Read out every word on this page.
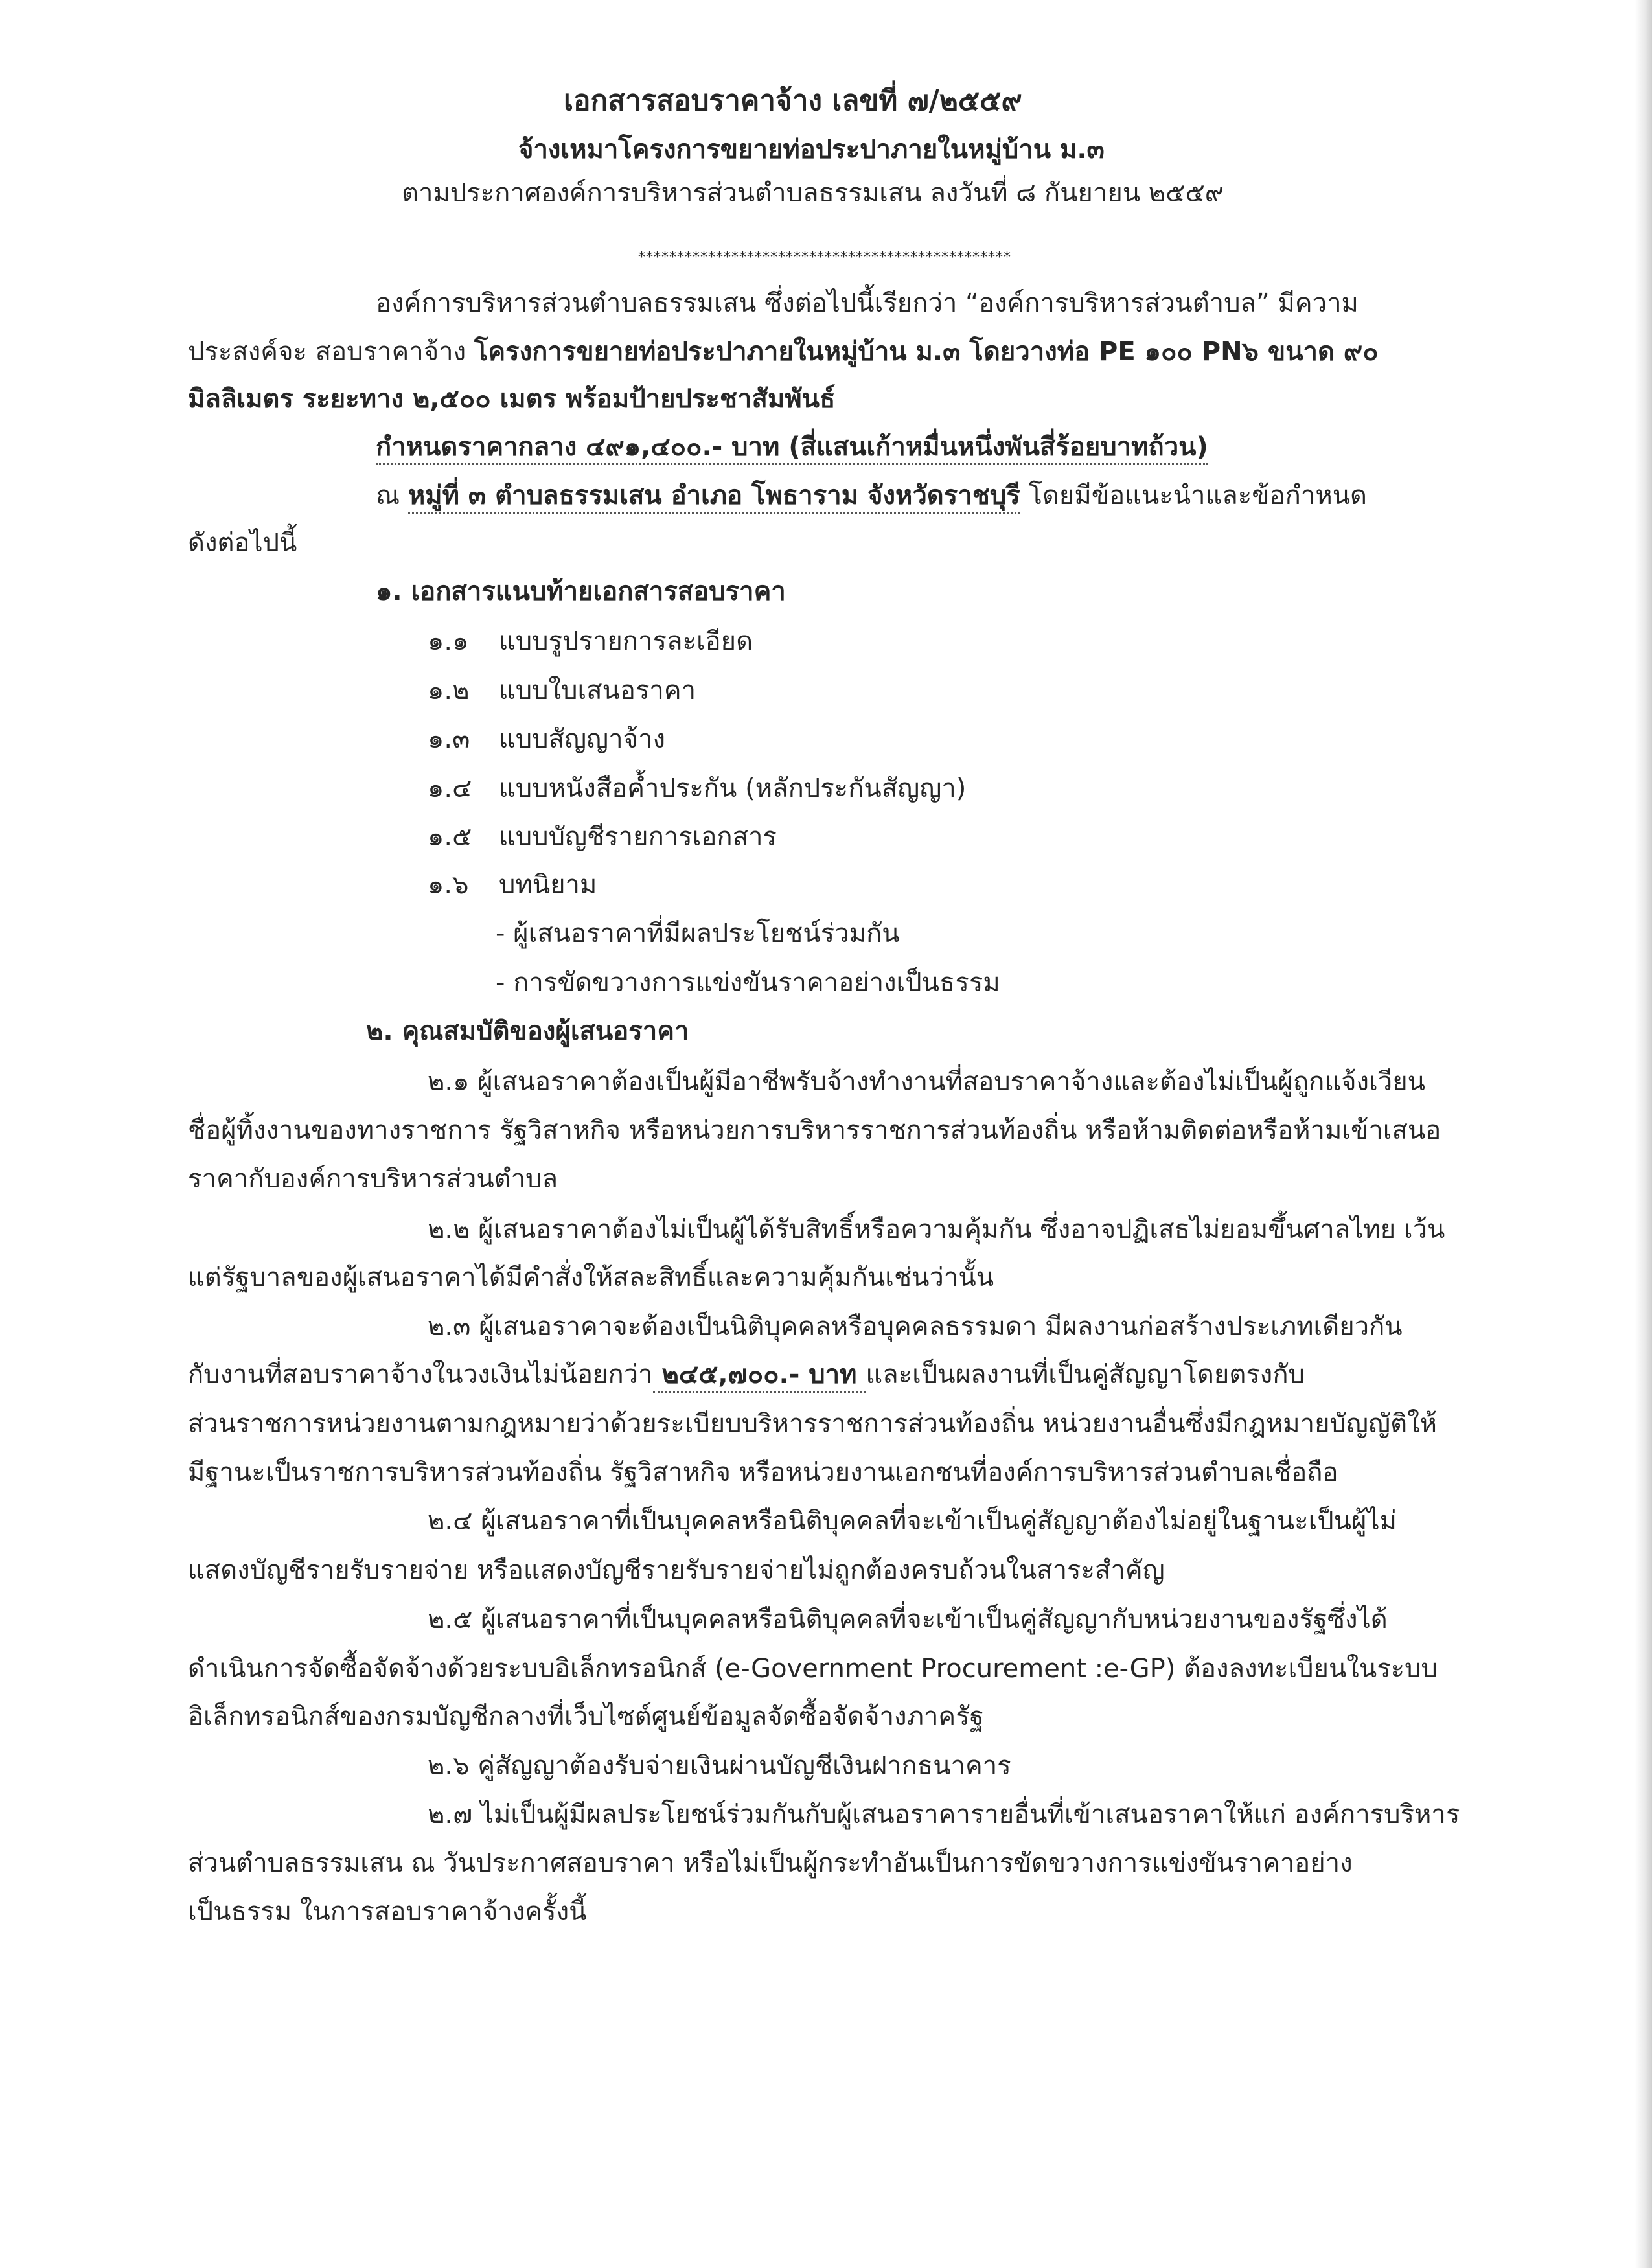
เอกสารสอบราคาจ้าง เลขที่ ๗/๒๕๕๙
จ้างเหมาโครงการขยายท่อประปาภายในหมู่บ้าน ม.๓
ตามประกาศองค์การบริหารส่วนตำบลธรรมเสน ลงวันที่ ๘ กันยายน ๒๕๕๙
************************************************
องค์การบริหารส่วนตำบลธรรมเสน ซึ่งต่อไปนี้เรียกว่า “องค์การบริหารส่วนตำบล” มีความ
ประสงค์จะ สอบราคาจ้าง โครงการขยายท่อประปาภายในหมู่บ้าน ม.๓ โดยวางท่อ PE ๑๐๐ PN๖ ขนาด ๙๐
มิลลิเมตร ระยะทาง ๒,๕๐๐ เมตร พร้อมป้ายประชาสัมพันธ์
กำหนดราคากลาง ๔๙๑,๔๐๐.- บาท (สี่แสนเก้าหมื่นหนึ่งพันสี่ร้อยบาทถ้วน)
ณ หมู่ที่ ๓ ตำบลธรรมเสน อำเภอ โพธาราม จังหวัดราชบุรี โดยมีข้อแนะนำและข้อกำหนด
ดังต่อไปนี้
๑. เอกสารแนบท้ายเอกสารสอบราคา
๑.๑ แบบรูปรายการละเอียด
๑.๒ แบบใบเสนอราคา
๑.๓ แบบสัญญาจ้าง
๑.๔ แบบหนังสือค้ำประกัน (หลักประกันสัญญา)
๑.๕ แบบบัญชีรายการเอกสาร
๑.๖ บทนิยาม
- ผู้เสนอราคาที่มีผลประโยชน์ร่วมกัน
- การขัดขวางการแข่งขันราคาอย่างเป็นธรรม
๒. คุณสมบัติของผู้เสนอราคา
๒.๑ ผู้เสนอราคาต้องเป็นผู้มีอาชีพรับจ้างทำงานที่สอบราคาจ้างและต้องไม่เป็นผู้ถูกแจ้งเวียน
ชื่อผู้ทิ้งงานของทางราชการ รัฐวิสาหกิจ หรือหน่วยการบริหารราชการส่วนท้องถิ่น หรือห้ามติดต่อหรือห้ามเข้าเสนอ
ราคากับองค์การบริหารส่วนตำบล
๒.๒ ผู้เสนอราคาต้องไม่เป็นผู้ได้รับสิทธิ์หรือความคุ้มกัน ซึ่งอาจปฏิเสธไม่ยอมขึ้นศาลไทย เว้น
แต่รัฐบาลของผู้เสนอราคาได้มีคำสั่งให้สละสิทธิ์และความคุ้มกันเช่นว่านั้น
๒.๓ ผู้เสนอราคาจะต้องเป็นนิติบุคคลหรือบุคคลธรรมดา มีผลงานก่อสร้างประเภทเดียวกัน
กับงานที่สอบราคาจ้างในวงเงินไม่น้อยกว่า ๒๔๕,๗๐๐.- บาท และเป็นผลงานที่เป็นคู่สัญญาโดยตรงกับ
ส่วนราชการหน่วยงานตามกฎหมายว่าด้วยระเบียบบริหารราชการส่วนท้องถิ่น หน่วยงานอื่นซึ่งมีกฎหมายบัญญัติให้
มีฐานะเป็นราชการบริหารส่วนท้องถิ่น รัฐวิสาหกิจ หรือหน่วยงานเอกชนที่องค์การบริหารส่วนตำบลเชื่อถือ
๒.๔ ผู้เสนอราคาที่เป็นบุคคลหรือนิติบุคคลที่จะเข้าเป็นคู่สัญญาต้องไม่อยู่ในฐานะเป็นผู้ไม่
แสดงบัญชีรายรับรายจ่าย หรือแสดงบัญชีรายรับรายจ่ายไม่ถูกต้องครบถ้วนในสาระสำคัญ
๒.๕ ผู้เสนอราคาที่เป็นบุคคลหรือนิติบุคคลที่จะเข้าเป็นคู่สัญญากับหน่วยงานของรัฐซึ่งได้
ดำเนินการจัดซื้อจัดจ้างด้วยระบบอิเล็กทรอนิกส์ (e-Government Procurement :e-GP) ต้องลงทะเบียนในระบบ
อิเล็กทรอนิกส์ของกรมบัญชีกลางที่เว็บไซต์ศูนย์ข้อมูลจัดซื้อจัดจ้างภาครัฐ
๒.๖ คู่สัญญาต้องรับจ่ายเงินผ่านบัญชีเงินฝากธนาคาร
๒.๗ ไม่เป็นผู้มีผลประโยชน์ร่วมกันกับผู้เสนอราคารายอื่นที่เข้าเสนอราคาให้แก่ องค์การบริหาร
ส่วนตำบลธรรมเสน ณ วันประกาศสอบราคา หรือไม่เป็นผู้กระทำอันเป็นการขัดขวางการแข่งขันราคาอย่าง
เป็นธรรม ในการสอบราคาจ้างครั้งนี้
